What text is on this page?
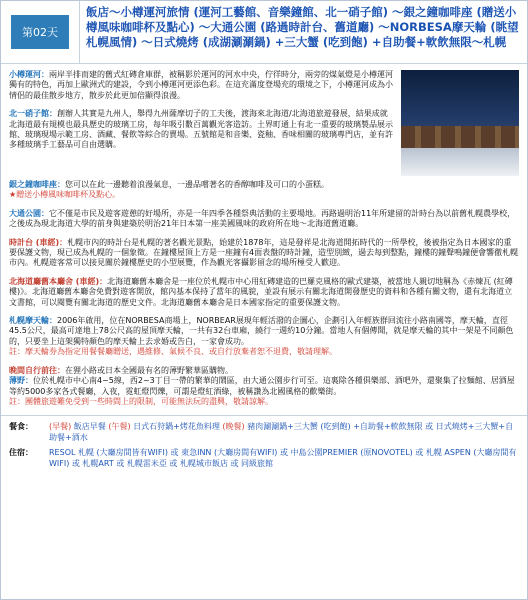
第02天
飯店～小樽運河旅情 (運河工藝館、音樂鐘館、北一硝子館) ～銀之鐘咖啡座 (贈送小樽風味咖啡杯及點心) ～大通公園 (路過時計台、舊道廳) ～NORBESA摩天輪 (眺望札幌風情) ～日式燒烤 (成湖涮涮鍋) +三大蟹 (吃到飽) +自助餐+軟飲無限～札幌
小樽運河：兩岸半排而建的舊式紅磚倉庫群，被稱影於運河的河水中央，佇徉時分，兩旁的煤氣燈是小樽運河獨有的特色，再加上歐洲式的建設，令到小樽運河更添色彩。在這充滿度登場充的環境之下，小樽運河成為小情侶的最佳散步地方，散步於此更加倍顯得浪漫。
北一硝子館：創辦人其實是九州人，舉得九州薩摩切子的工夫後，渡海來北海道/北海道旅遊發展，結果成就北海道最有規模也最具歷史的玻璃工房，每年吸引數百萬觀光客造訪。土界町通上有北一重要的玻璃製品展示館、玻璃現場示範工房、酒藏、餐飲等綜合的賣場。五號館是和音樂、瓷釉、香味相關的玻璃專門店，並有許多種玻璃手工藝品可自由選購。
銀之鐘咖啡座：您可以在此一邊聽着浪漫氣息，一邊品嚐著名的香醇咖啡及可口的小蛋糕。
★贈送小樽風味咖啡杯及點心。
大通公園：它不僅是市民及遊客遊憩的好場所，亦是一年四季各種祭典活動的主要場地。再路過明治11年所建留的計時台為以前舊札幌農學校，之後成為現北海道大學的前身與建築於明治21年日本第一座美國風味的政府所在地～北海道舊道廳。
時計台 (車經)：札幌市內的時計台是札幌的著名觀光景點，始建於1878年，這是發祥是北海道開拓時代的一所學校，後被指定為日本國家的重要保護文物，現已成為札幌的一個象徵。在鐘樓屋頂上方是一座鐘有4面表盤的時計鐘，造型別緻，過去每到整點，鐘樓的鐘聲鳴鐘便會響徹札幌市內。札幌遊客常可以接見關於鐘樓歷史的小型展覽，作為觀光客攝影留念的場所極受人歡迎。
北海道廳舊本廳舍 (車經)：北海道廳舊本廳舍是一座位於札幌市中心用紅磚建造的巴羅克風格的歐式建築，被當地人親切地稱為《赤煉瓦 (紅磚樓)》。北海道廳舊本廳舍免費對遊客開放，館內基本保持了當年的風貌，並設有展示有關北海道開發歷史的資料和各種有關文物，還有北海道立文書館，可以閱覽有關北海道的歷史文件。北海道廳舊本廳舍是日本國家指定的重要保護文物。
札幌摩天輪：2006年啟用，位在NORBESA商場上，NORBEAR展現年輕活潑的企圖心，企劃引入年輕族群回流往小路南國等，摩天輪，直徑45.5公尺，最高可達地上78公尺高的屋頂摩天輪，一共有32台車廂，繞行一週約10分鐘。當地人有個傳聞，就是摩天輪的其中一架是不同顏色的，只要坐上這架獨特顏色的摩天輪上去求婚或告白，一家會成功。
註：摩天輪券為指定用餐餐廳贈送，遇維修、氣候不良、或自行放棄者恕不退費，敬請理解。
晚間自行前往：在狸小路或日本全國最有名的薄野繁華區購物。
薄野：位於札幌市中心南4~5線，西2~3丁目一帶的繁華的鬧區，由大通公園步行可至。這裏除各種俱樂部、酒吧外，還聚集了拉麵館、居酒屋等約5000多家各式餐廳，入夜，霓虹燈閃爍，可謂是燈紅酒綠，被稱讚為北國風格的歡樂街。
註：團體旅遊難免受到一些時間上的限制，可能無法玩的盡興，敬請諒解。
餐食：	(早餐) 飯店早餐 (午餐) 日式石狩鍋+烤花魚料理 (晚餐) 豬肉涮涮鍋+三大蟹 (吃到飽) +自助餐+軟飲無限 或 日式燒烤+三大蟹+自助餐+酒水
住宿：	RESOL 札幌 (大廳房間皆有WIFI) 或 東急INN (大廳房間有WIFI) 或 中島公園PREMIER (原NOVOTEL) 或 札幌 ASPEN (大廳房間有WIFI) 或 札幌ART 或 札幌雷米亞 或 札幌城市飯店 或 同級旅館
